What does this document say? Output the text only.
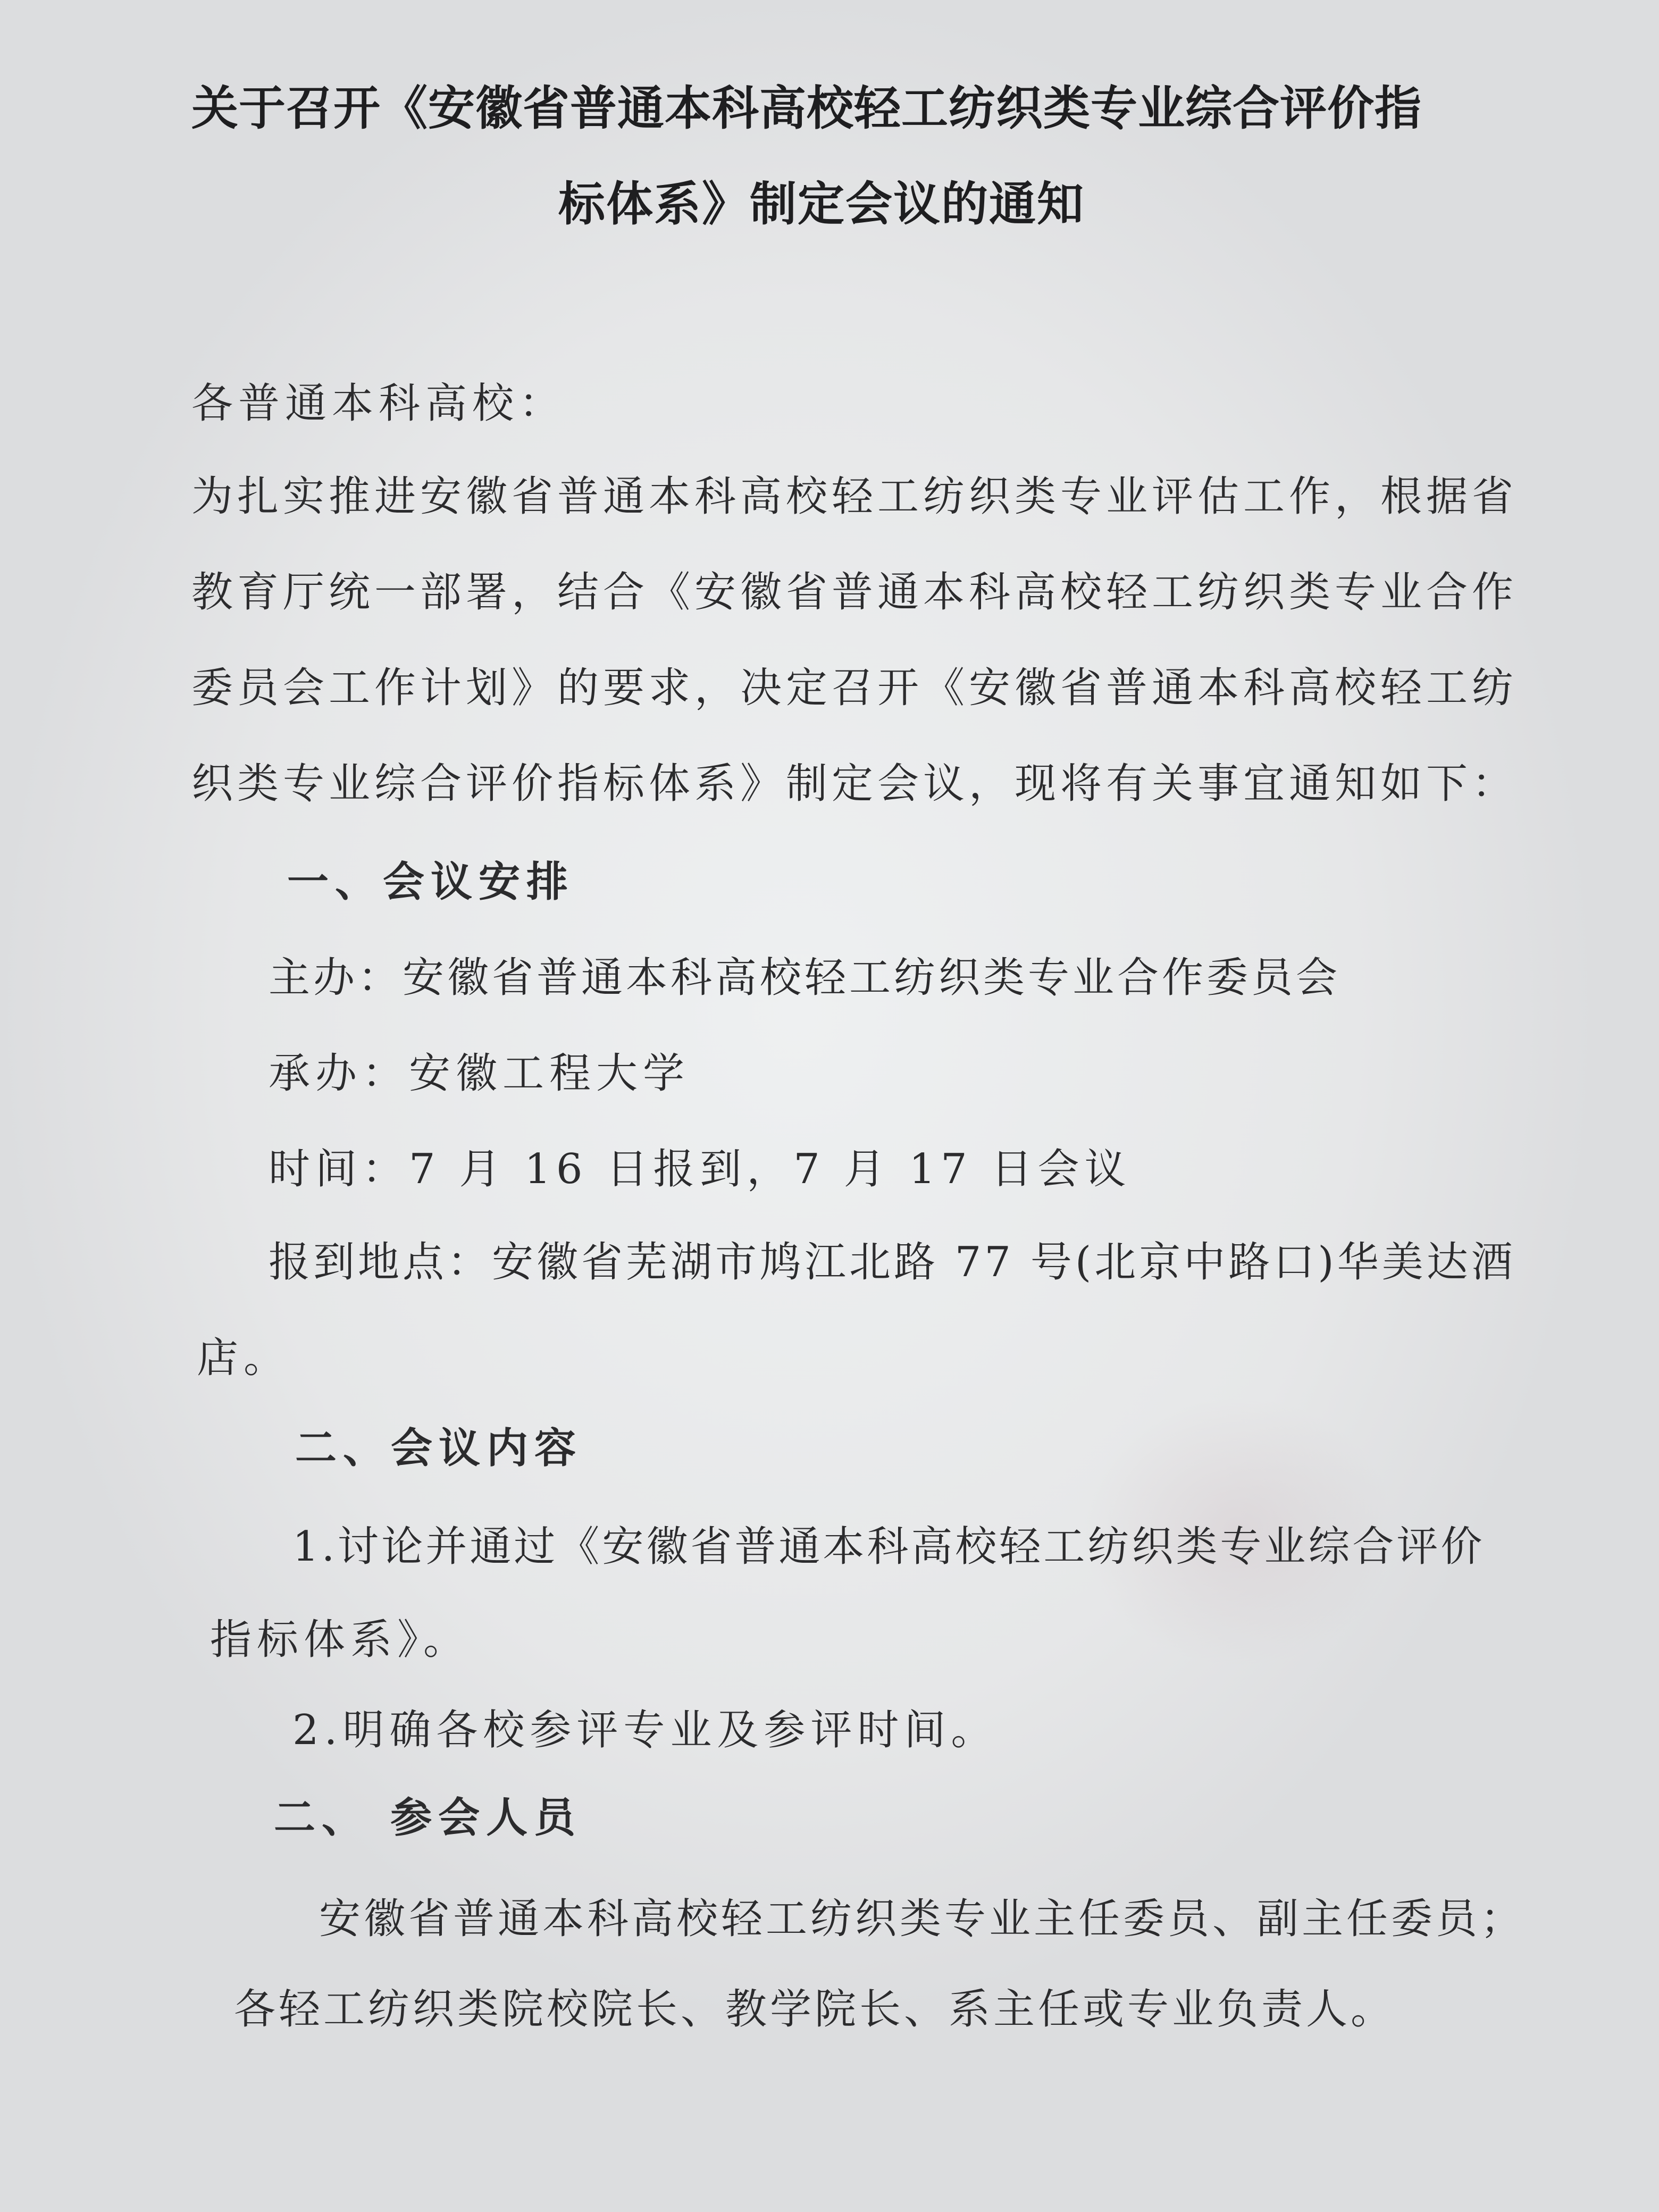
关于召开《安徽省普通本科高校轻工纺织类专业综合评价指
标体系》制定会议的通知
各普通本科高校：
为扎实推进安徽省普通本科高校轻工纺织类专业评估工作，根据省
教育厅统一部署，结合《安徽省普通本科高校轻工纺织类专业合作
委员会工作计划》的要求，决定召开《安徽省普通本科高校轻工纺
织类专业综合评价指标体系》制定会议，现将有关事宜通知如下：
一、会议安排
主办：安徽省普通本科高校轻工纺织类专业合作委员会
承办：安徽工程大学
时间：7 月 16 日报到，7 月 17 日会议
报到地点：安徽省芜湖市鸠江北路 77 号(北京中路口)华美达酒
店。
二、会议内容
1.讨论并通过《安徽省普通本科高校轻工纺织类专业综合评价
指标体系》。
2.明确各校参评专业及参评时间。
二、 参会人员
安徽省普通本科高校轻工纺织类专业主任委员、副主任委员；
各轻工纺织类院校院长、教学院长、系主任或专业负责人。
